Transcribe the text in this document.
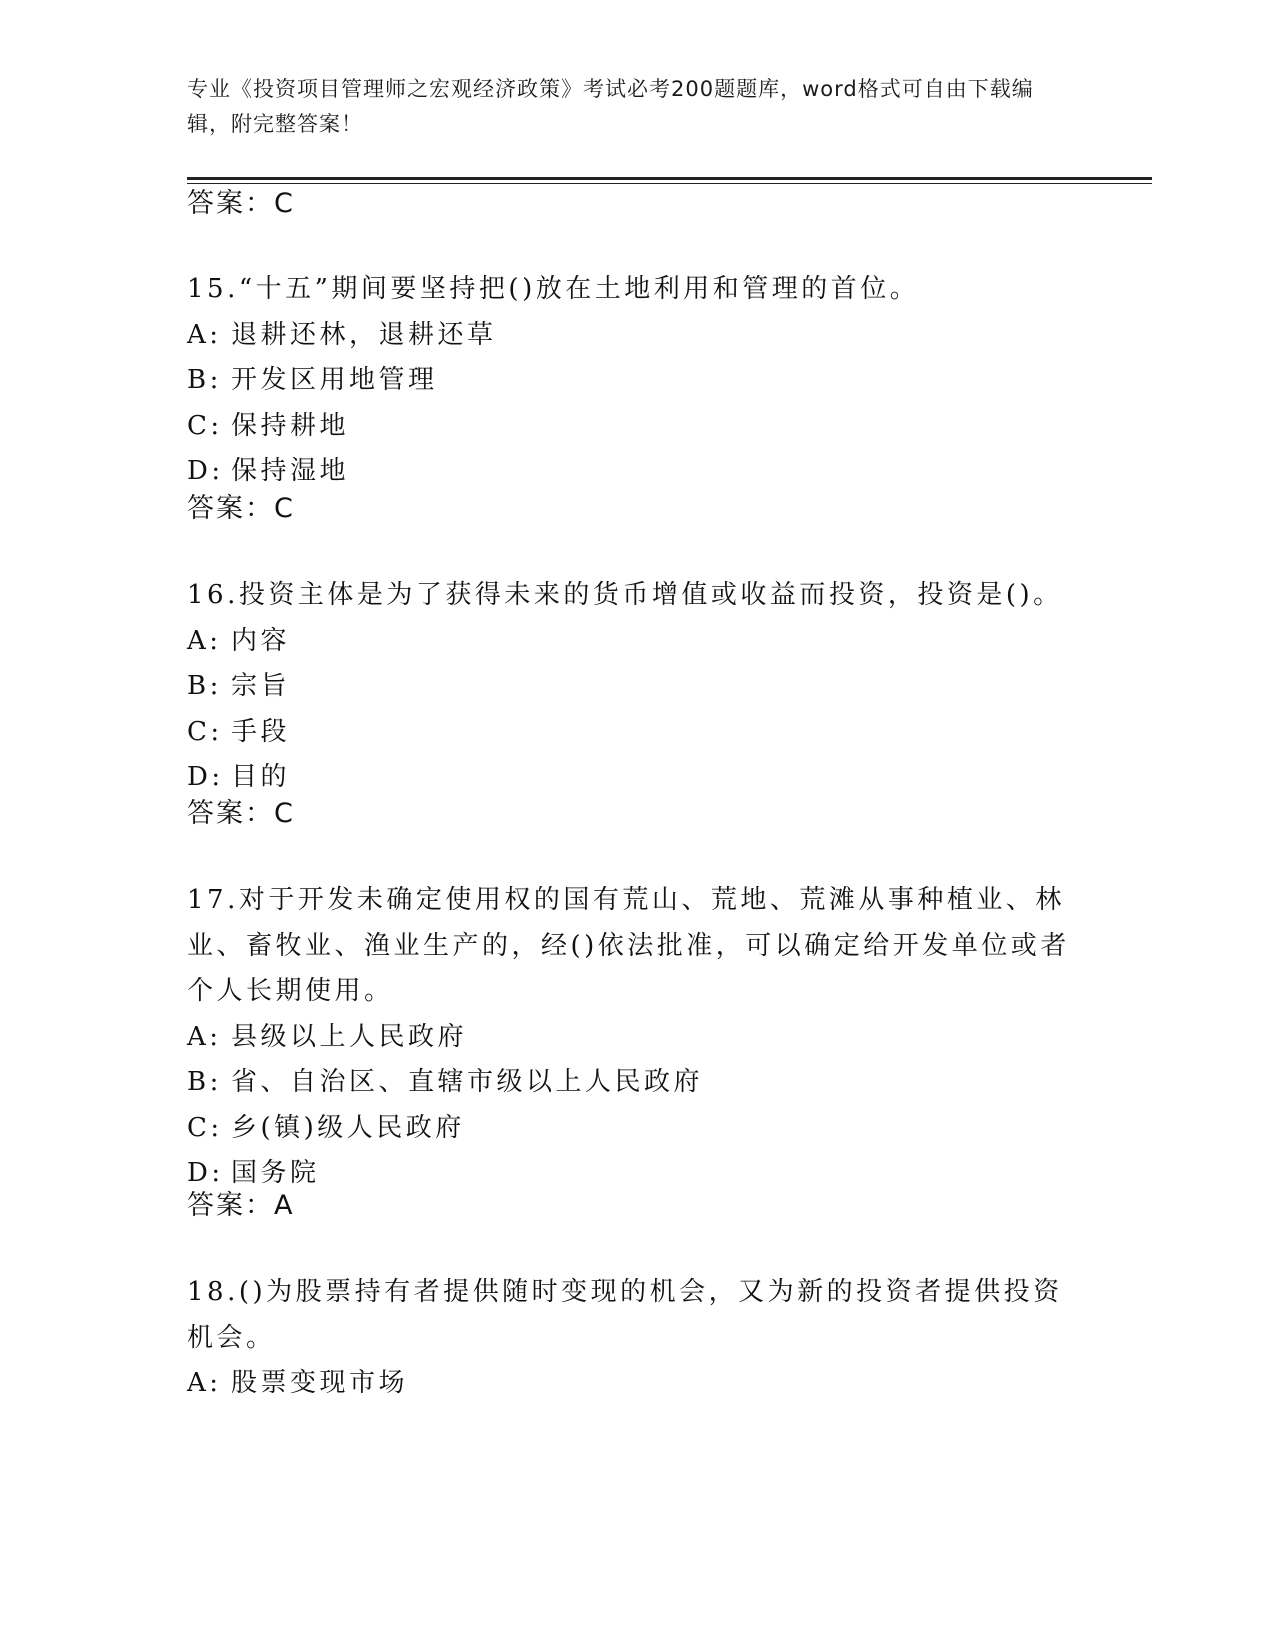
专业《投资项目管理师之宏观经济政策》考试必考200题题库，word格式可自由下载编辑，附完整答案！
答案：C

15.“十五”期间要坚持把()放在土地利用和管理的首位。

A: 退耕还林，退耕还草
B: 开发区用地管理
C: 保持耕地
D: 保持湿地
答案：C

16.投资主体是为了获得未来的货币增值或收益而投资，投资是()。

A: 内容
B: 宗旨
C: 手段
D: 目的
答案：C

17.对于开发未确定使用权的国有荒山、荒地、荒滩从事种植业、林业、畜牧业、渔业生产的，经()依法批准，可以确定给开发单位或者个人长期使用。

A: 县级以上人民政府
B: 省、自治区、直辖市级以上人民政府
C: 乡(镇)级人民政府
D: 国务院
答案：A

18.()为股票持有者提供随时变现的机会，又为新的投资者提供投资机会。

A: 股票变现市场
